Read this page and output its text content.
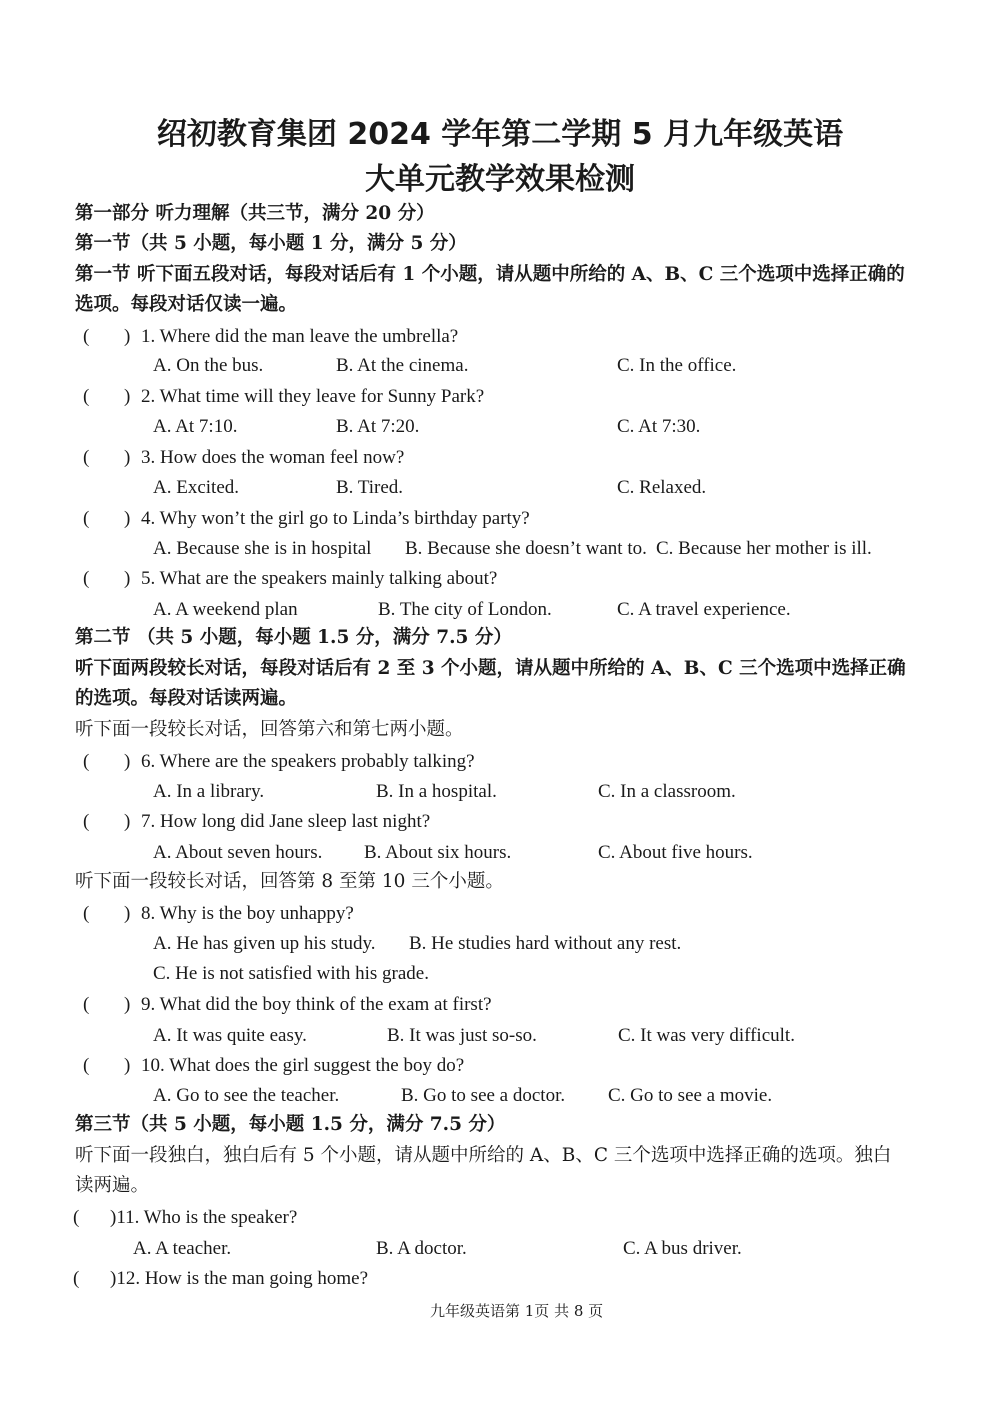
绍初教育集团 2024 学年第二学期 5 月九年级英语
大单元教学效果检测
第一部分 听力理解（共三节，满分 20 分）
第一节（共 5 小题，每小题 1 分，满分 5 分）
第一节 听下面五段对话，每段对话后有 1 个小题，请从题中所给的 A、B、C 三个选项中选择正确的
选项。每段对话仅读一遍。
( ) 1. Where did the man leave the umbrella?
A. On the bus.	B. At the cinema.	C. In the office.
( ) 2. What time will they leave for Sunny Park?
A. At 7:10.	B. At 7:20.	C. At 7:30.
( ) 3. How does the woman feel now?
A. Excited.	B. Tired.	C. Relaxed.
( ) 4. Why won’t the girl go to Linda’s birthday party?
A. Because she is in hospital B. Because she doesn’t want to. C. Because her mother is ill.
( ) 5. What are the speakers mainly talking about?
A. A weekend plan	B. The city of London.	C. A travel experience.
第二节 （共 5 小题，每小题 1.5 分，满分 7.5 分）
听下面两段较长对话，每段对话后有 2 至 3 个小题，请从题中所给的 A、B、C 三个选项中选择正确
的选项。每段对话读两遍。
听下面一段较长对话，回答第六和第七两小题。
( ) 6. Where are the speakers probably talking?
A. In a library.	B. In a hospital.	C. In a classroom.
( ) 7. How long did Jane sleep last night?
A. About seven hours. B. About six hours.	C. About five hours.
听下面一段较长对话，回答第 8 至第 10 三个小题。
( ) 8. Why is the boy unhappy?
A. He has given up his study. B. He studies hard without any rest.
C. He is not satisfied with his grade.
( ) 9. What did the boy think of the exam at first?
A. It was quite easy.	B. It was just so-so.	C. It was very difficult.
( ) 10. What does the girl suggest the boy do?
A. Go to see the teacher.	B. Go to see a doctor. C. Go to see a movie.
第三节（共 5 小题，每小题 1.5 分，满分 7.5 分）
听下面一段独白，独白后有 5 个小题，请从题中所给的 A、B、C 三个选项中选择正确的选项。独白
读两遍。
( )11. Who is the speaker?
A. A teacher.	B. A doctor.	C. A bus driver.
( )12. How is the man going home?
九年级英语第 1页 共 8 页
